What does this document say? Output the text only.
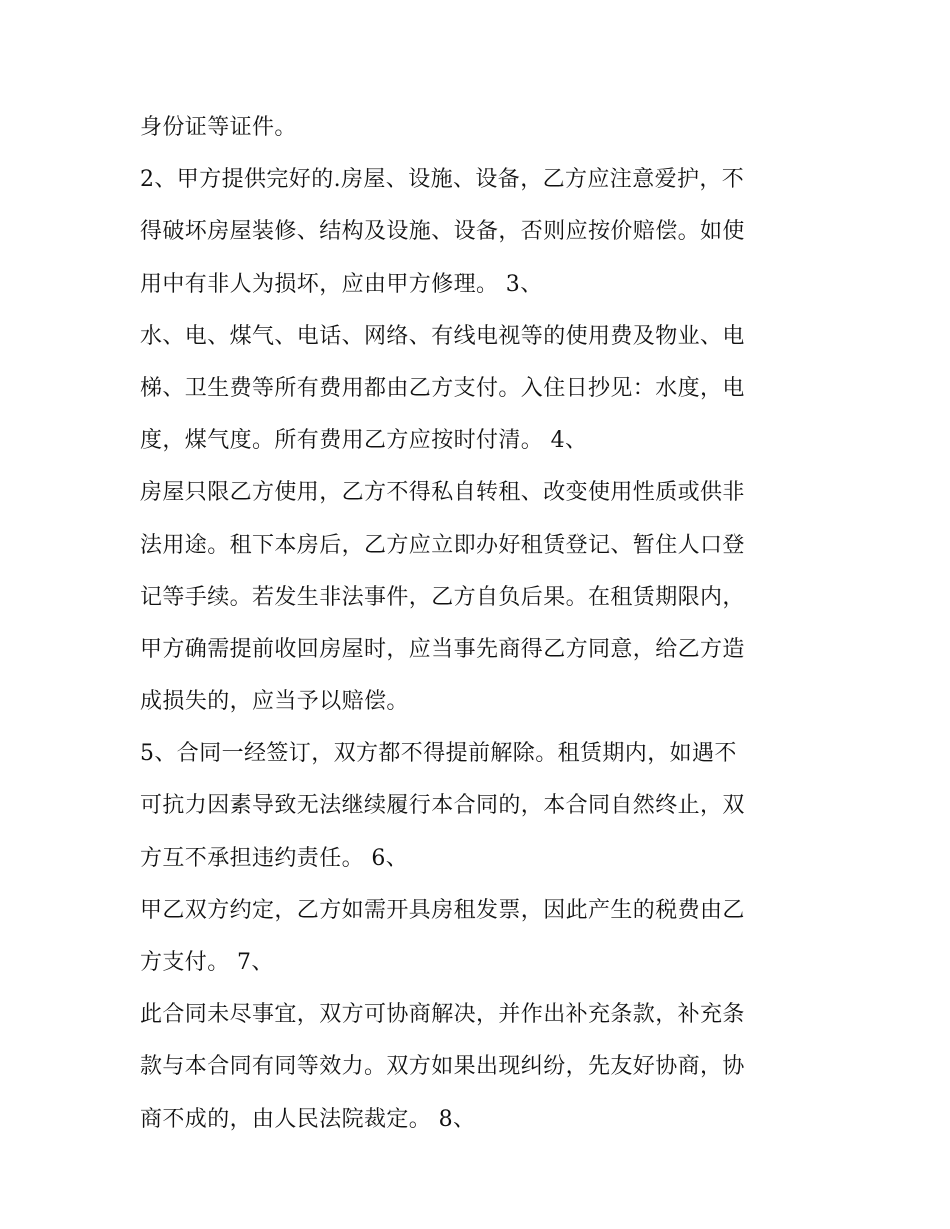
身份证等证件。
2、甲方提供完好的.房屋、设施、设备，乙方应注意爱护，不
得破坏房屋装修、结构及设施、设备，否则应按价赔偿。如使
用中有非人为损坏，应由甲方修理。 3、
水、电、煤气、电话、网络、有线电视等的使用费及物业、电
梯、卫生费等所有费用都由乙方支付。入住日抄见：水度，电
度，煤气度。所有费用乙方应按时付清。 4、
房屋只限乙方使用，乙方不得私自转租、改变使用性质或供非
法用途。租下本房后，乙方应立即办好租赁登记、暂住人口登
记等手续。若发生非法事件，乙方自负后果。在租赁期限内，
甲方确需提前收回房屋时，应当事先商得乙方同意，给乙方造
成损失的，应当予以赔偿。
5、合同一经签订，双方都不得提前解除。租赁期内，如遇不
可抗力因素导致无法继续履行本合同的，本合同自然终止，双
方互不承担违约责任。 6、
甲乙双方约定，乙方如需开具房租发票，因此产生的税费由乙
方支付。 7、
此合同未尽事宜，双方可协商解决，并作出补充条款，补充条
款与本合同有同等效力。双方如果出现纠纷，先友好协商，协
商不成的，由人民法院裁定。 8、
